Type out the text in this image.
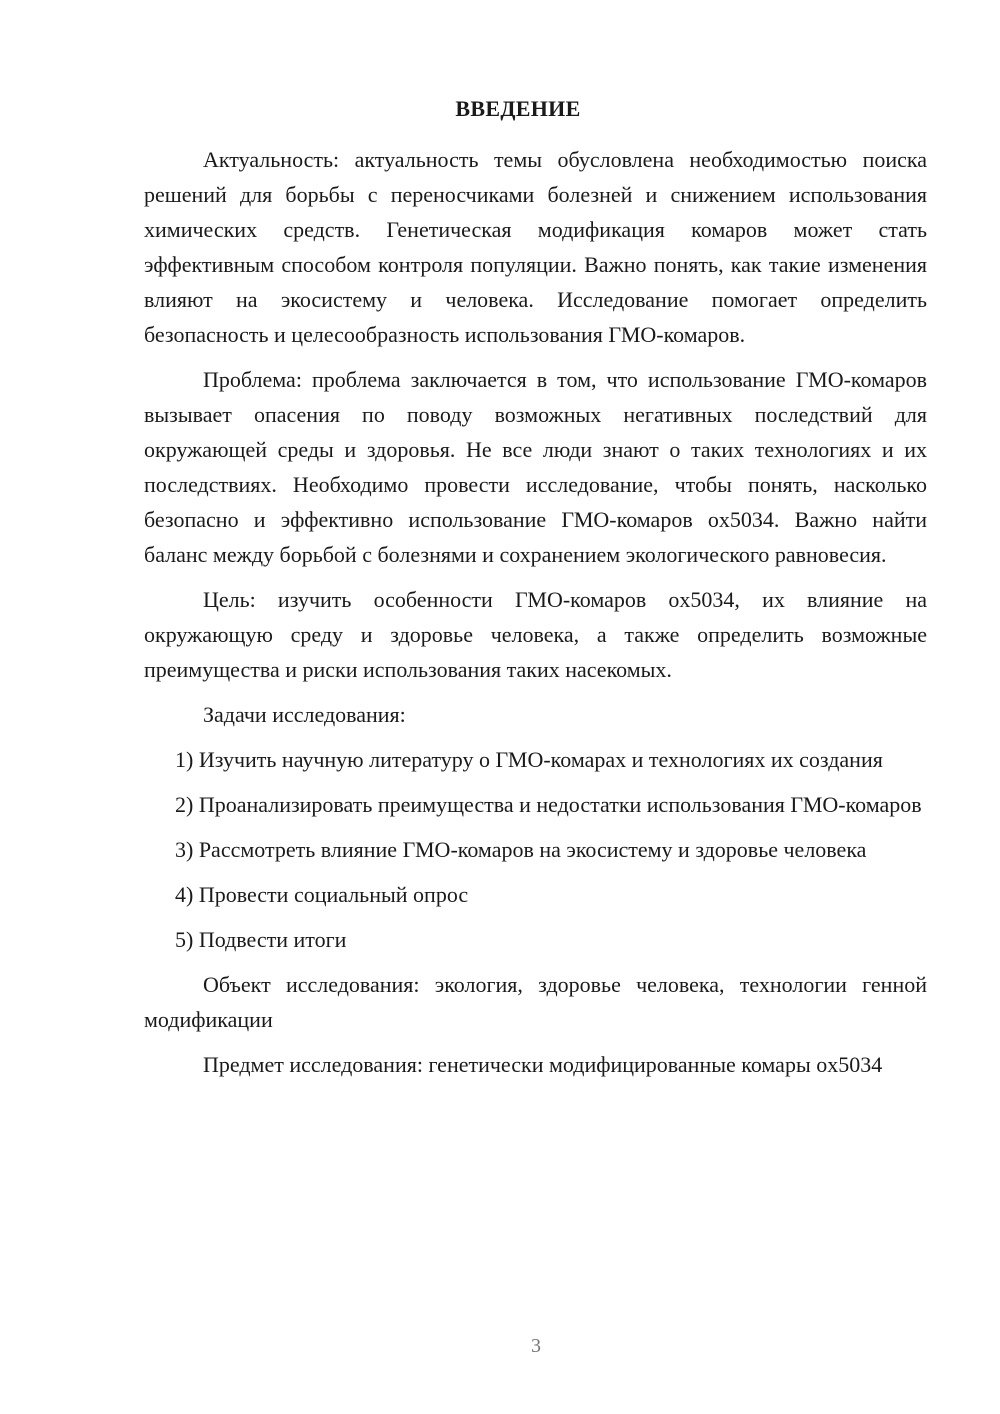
ВВЕДЕНИЕ

Актуальность: актуальность темы обусловлена необходимостью поиска решений для борьбы с переносчиками болезней и снижением использования химических средств. Генетическая модификация комаров может стать эффективным способом контроля популяции. Важно понять, как такие изменения влияют на экосистему и человека. Исследование помогает определить безопасность и целесообразность использования ГМО-комаров.

Проблема: проблема заключается в том, что использование ГМО-комаров вызывает опасения по поводу возможных негативных последствий для окружающей среды и здоровья. Не все люди знают о таких технологиях и их последствиях. Необходимо провести исследование, чтобы понять, насколько безопасно и эффективно использование ГМО-комаров ox5034. Важно найти баланс между борьбой с болезнями и сохранением экологического равновесия.

Цель: изучить особенности ГМО-комаров ox5034, их влияние на окружающую среду и здоровье человека, а также определить возможные преимущества и риски использования таких насекомых.

Задачи исследования:

1) Изучить научную литературу о ГМО-комарах и технологиях их создания

2) Проанализировать преимущества и недостатки использования ГМО-комаров

3) Рассмотреть влияние ГМО-комаров на экосистему и здоровье человека

4) Провести социальный опрос

5) Подвести итоги

Объект исследования: экология, здоровье человека, технологии генной модификации

Предмет исследования: генетически модифицированные комары ox5034

3
